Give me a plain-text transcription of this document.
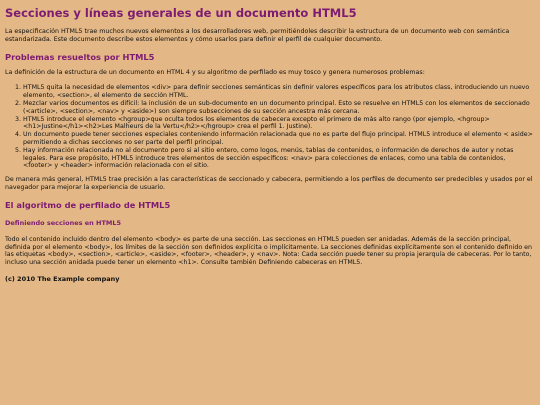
Secciones y líneas generales de un documento HTML5

La especificación HTML5 trae muchos nuevos elementos a los desarrolladores web, permitiéndoles describir la estructura de un documento web con semántica estandarizada. Este documento describe estos elementos y cómo usarlos para definir el perfil de cualquier documento.

Problemas resueltos por HTML5

La definición de la estructura de un documento en HTML 4 y su algoritmo de perfilado es muy tosco y genera numerosos problemas:

1. HTML5 quita la necesidad de elementos <div> para definir secciones semánticas sin definir valores específicos para los atributos class, introduciendo un nuevo elemento, <section>, el elemento de sección HTML.
2. Mezclar varios documentos es difícil: la inclusión de un sub-documento en un documento principal. Esto se resuelve en HTML5 con los elementos de seccionado (<article>, <section>, <nav> y <aside>) son siempre subsecciones de su sección ancestra más cercana.
3. HTML5 introduce el elemento <hgroup>que oculta todos los elementos de cabecera excepto el primero de más alto rango (por ejemplo, <hgroup><h1>Justine</h1><h2>Les Malheurs de la Vertu</h2></hgroup> crea el perfil 1. Justine).
4. Un documento puede tener secciones especiales conteniendo información relacionada que no es parte del flujo principal. HTML5 introduce el elemento < aside> permitiendo a dichas secciones no ser parte del perfil principal.
5. Hay información relacionada no al documento pero si al sitio entero, como logos, menús, tablas de contenidos, o información de derechos de autor y notas legales. Para ese propósito, HTML5 introduce tres elementos de sección específicos: <nav> para colecciones de enlaces, como una tabla de contenidos, <footer> y <header> información relacionada con el sitio.

De manera más general, HTML5 trae precisión a las características de seccionado y cabecera, permitiendo a los perfiles de documento ser predecibles y usados por el navegador para mejorar la experiencia de usuario.

El algoritmo de perfilado de HTML5
Definiendo secciones en HTML5

Todo el contenido incluido dentro del elemento <body> es parte de una sección. Las secciones en HTML5 pueden ser anidadas. Además de la sección principal, definida por el elemento <body>, los límites de la sección son definidos explícita o implícitamente. La secciones definidas explícitamente son el contenido definido en las etiquetas <body>, <section>, <article>, <aside>, <footer>, <header>, y <nav>. Nota: Cada sección puede tener su propia jerarquía de cabeceras. Por lo tanto, incluso una sección anidada puede tener un elemento <h1>. Consulte también Definiendo cabeceras en HTML5.

(c) 2010 The Example company
